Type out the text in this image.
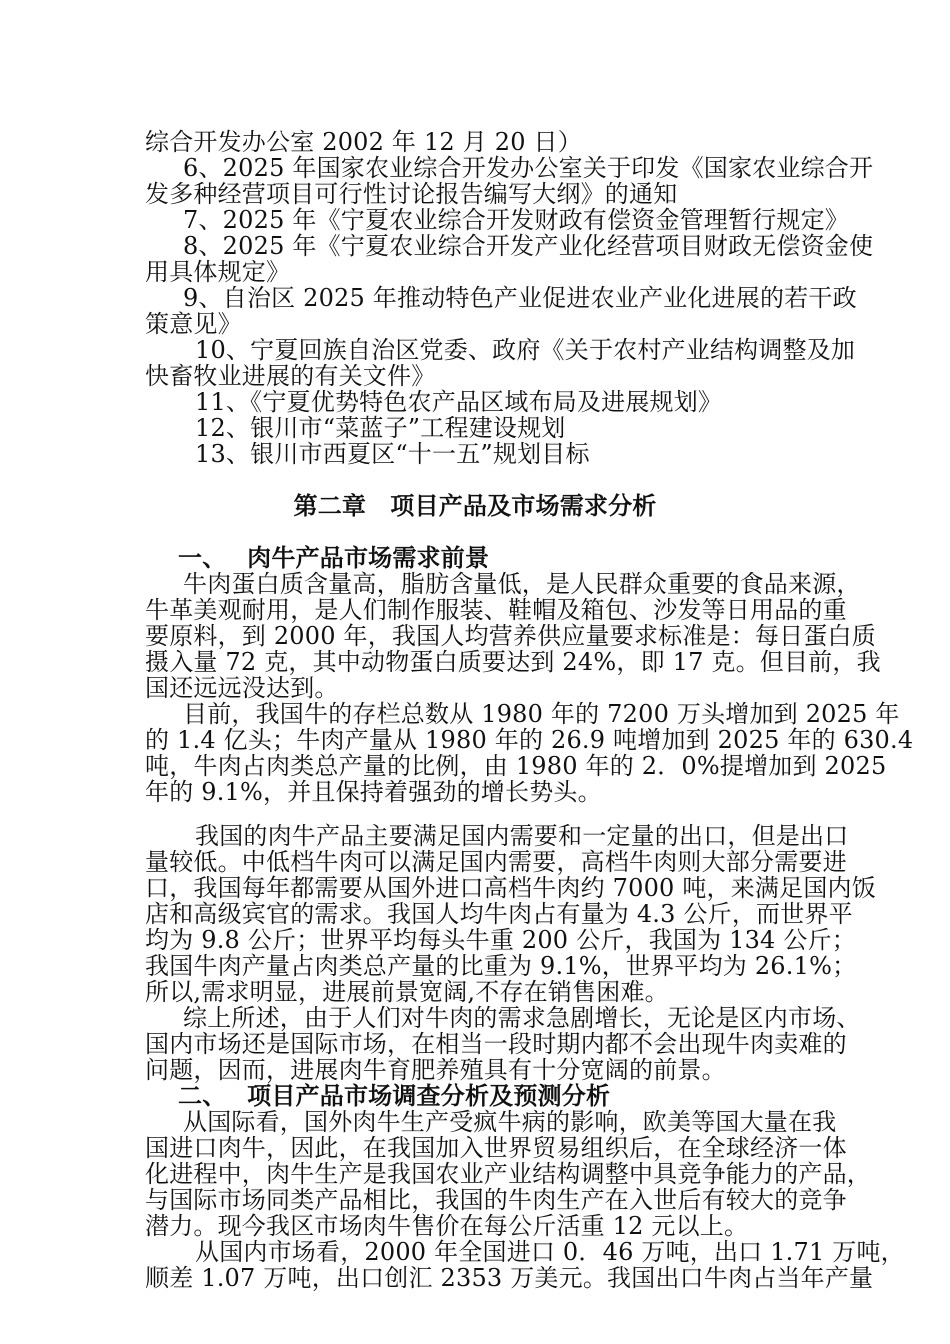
综合开发办公室 2002 年 12 月 20 日）
6、2025 年国家农业综合开发办公室关于印发《国家农业综合开
发多种经营项目可行性讨论报告编写大纲》的通知
7、2025 年《宁夏农业综合开发财政有偿资金管理暂行规定》
8、2025 年《宁夏农业综合开发产业化经营项目财政无偿资金使
用具体规定》
9、自治区 2025 年推动特色产业促进农业产业化进展的若干政
策意见》
10、宁夏回族自治区党委、政府《关于农村产业结构调整及加
快畜牧业进展的有关文件》
11、《宁夏优势特色农产品区域布局及进展规划》
12、银川市“菜蓝子”工程建设规划
13、银川市西夏区“十一五”规划目标
第二章　项目产品及市场需求分析
一、　 肉牛产品市场需求前景
牛肉蛋白质含量高，脂肪含量低，是人民群众重要的食品来源，
牛革美观耐用，是人们制作服装、鞋帽及箱包、沙发等日用品的重
要原料，到 2000 年，我国人均营养供应量要求标准是：每日蛋白质
摄入量 72 克，其中动物蛋白质要达到 24%，即 17 克。但目前，我
国还远远没达到。
目前，我国牛的存栏总数从 1980 年的 7200 万头增加到 2025 年
的 1.4 亿头；牛肉产量从 1980 年的 26.9 吨增加到 2025 年的 630.4
吨，牛肉占肉类总产量的比例，由 1980 年的 2．0%提增加到 2025
年的 9.1%，并且保持着强劲的增长势头。
我国的肉牛产品主要满足国内需要和一定量的出口，但是出口
量较低。中低档牛肉可以满足国内需要，高档牛肉则大部分需要进
口，我国每年都需要从国外进口高档牛肉约 7000 吨，来满足国内饭
店和高级宾官的需求。我国人均牛肉占有量为 4.3 公斤，而世界平
均为 9.8 公斤；世界平均每头牛重 200 公斤，我国为 134 公斤；
我国牛肉产量占肉类总产量的比重为 9.1%，世界平均为 26.1%；
所以,需求明显，进展前景宽阔,不存在销售困难。
综上所述，由于人们对牛肉的需求急剧增长，无论是区内市场、
国内市场还是国际市场，在相当一段时期内都不会出现牛肉卖难的
问题，因而，进展肉牛育肥养殖具有十分宽阔的前景。
二、　 项目产品市场调查分析及预测分析
从国际看，国外肉牛生产受疯牛病的影响，欧美等国大量在我
国进口肉牛，因此，在我国加入世界贸易组织后，在全球经济一体
化进程中，肉牛生产是我国农业产业结构调整中具竞争能力的产品，
与国际市场同类产品相比，我国的牛肉生产在入世后有较大的竞争
潜力。现今我区市场肉牛售价在每公斤活重 12 元以上。
从国内市场看，2000 年全国进口 0．46 万吨，出口 1.71 万吨，
顺差 1.07 万吨，出口创汇 2353 万美元。我国出口牛肉占当年产量
